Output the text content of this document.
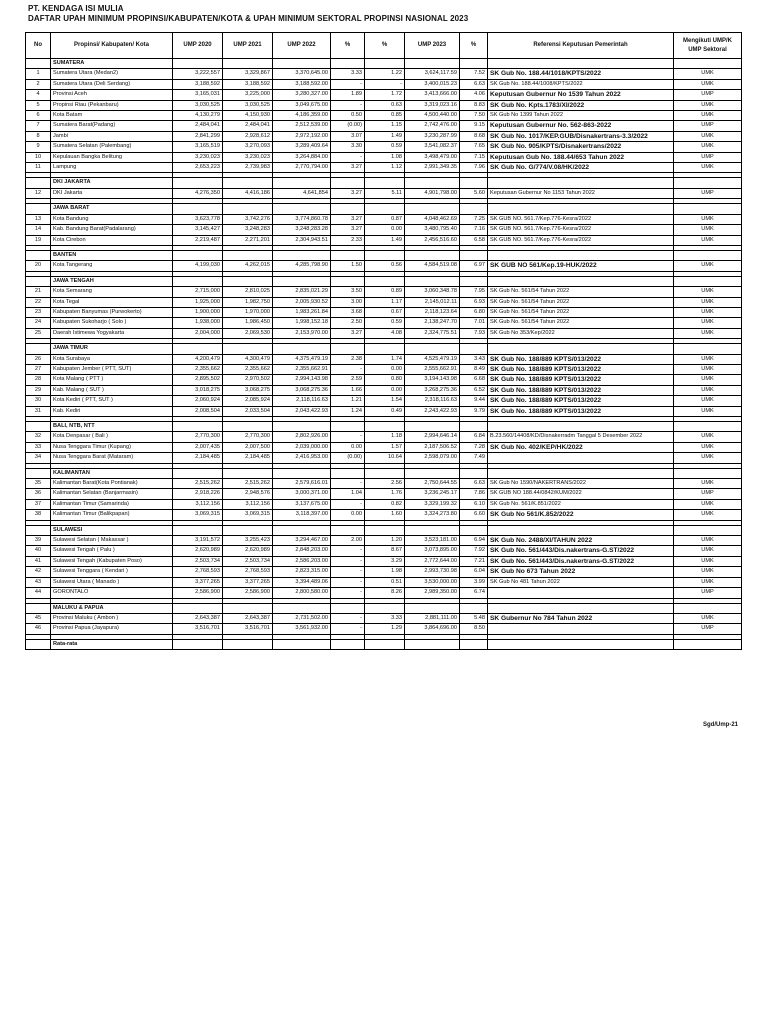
PT. KENDAGA ISI MULIA
DAFTAR UPAH MINIMUM PROPINSI/KABUPATEN/KOTA & UPAH MINIMUM SEKTORAL PROPINSI NASIONAL 2023
No	Propinsi/ Kabupaten/ Kota	UMP 2020	UMP 2021	UMP 2022	%	%	UMP 2023	%	Referensi Keputusan Pemerintah	Mengikuti UMP/K UMP Sektoral
	SUMATERA									
1	Sumatera Utara (Medan2)	3,222,557	3,329,867	3,370,645.00	3.33	1.22	3,624,117.59	7.52	SK Gub No. 188.44/1018/KPTS/2022	UMK
2	Sumatera Utara (Deli Serdang)	3,188,592	3,188,592	3,188,592.00	-	-	3,400,015.23	6.63	SK Gub No. 188.44/1008/KPTS/2022	UMK
4	Provinsi Aceh	3,165,031	3,225,000	3,280,327.00	1.89	1.72	3,413,666.00	4.06	Keputusan Gubernur No 1539 Tahun 2022	UMP
5	Propinsi Riau (Pekanbaru)	3,030,525	3,030,525	3,049,675.00	-	0.63	3,319,023.16	8.83	SK Gub No. Kpts.1783/XI/2022	UMK
6	Kota Batam	4,130,279	4,150,930	4,186,359.00	0.50	0.85	4,500,440.00	7.50	SK Gub No 1399 Tahun 2022	UMK
7	Sumatera Barat(Padang)	2,484,041	2,484,041	2,512,539.00	(0.00)	1.15	2,742,476.00	9.15	Keputusan Gubernur No. 562-863-2022	UMP
8	Jambi	2,841,299	2,928,612	2,972,192.00	3.07	1.49	3,230,287.99	8.68	SK Gub No. 1017/KEP.GUB/Disnakertrans-3.3/2022	UMK
9	Sumatera Selatan (Palembang)	3,165,519	3,270,093	3,289,409.64	3.30	0.59	3,541,082.37	7.65	SK Gub No. 905/KPTS/Disnakertrans/2022	UMK
10	Kepulauan Bangka Belitung	3,230,023	3,230,023	3,264,884.00	-	1.08	3,498,479.00	7.15	Keputusan Gub No. 188.44/653 Tahun 2022	UMP
11	Lampung	2,653,223	2,739,983	2,770,794.00	3.27	1.12	2,991,349.35	7.96	SK Gub No. G/774/V.08/HK/2022	UMK

	DKI JAKARTA									
12	DKI Jakarta	4,276,350	4,416,186	4,641,854	3.27	5.11	4,901,798.00	5.60	Keputusan Gubernur No 1153 Tahun 2022	UMP

	JAWA BARAT									
13	Kota Bandung	3,623,778	3,742,276	3,774,860.78	3.27	0.87	4,048,462.69	7.25	SK GUB NO. 561.7/Kep.776-Kesra/2022	UMK
14	Kab. Bandung Barat(Padalarang)	3,145,427	3,248,283	3,248,283.28	3.27	0.00	3,480,795.40	7.16	SK GUB NO. 561.7/Kep.776-Kesra/2022	UMK
19	Kota Cirebon	2,219,487	2,271,201	2,304,943.51	2.33	1.49	2,456,516.60	6.58	SK GUB NO. 561.7/Kep.776-Kesra/2022	UMK

	BANTEN									
20	Kota Tangerang	4,199,030	4,262,015	4,285,798.90	1.50	0.56	4,584,519.08	6.97	SK GUB NO 561/Kep.19-HUK/2022	UMK

	JAWA TENGAH									
21	Kota Semarang	2,715,000	2,810,025	2,835,021.29	3.50	0.89	3,060,348.78	7.95	SK Gub No. 561/54 Tahun 2022	UMK
22	Kota Tegal	1,925,000	1,982,750	2,005,930.52	3.00	1.17	2,145,012.11	6.93	SK Gub No. 561/54 Tahun 2022	UMK
23	Kabupaten Banyumas (Purwokerto)	1,900,000	1,970,000	1,983,261.84	3.68	0.67	2,118,123.64	6.80	SK Gub No. 561/54 Tahun 2022	UMK
24	Kabupaten Sukoharjo ( Solo )	1,938,000	1,986,450	1,998,152.18	2.50	0.59	2,138,247.70	7.01	SK Gub No. 561/54 Tahun 2022	UMK
25	Daerah Istimewa Yogyakarta	2,004,000	2,069,530	2,153,970.00	3.27	4.08	2,324,775.51	7.93	SK Gub No 353/Kep/2022	UMK

	JAWA TIMUR									
26	Kota Surabaya	4,200,479	4,300,479	4,375,479.19	2.38	1.74	4,525,479.19	3.43	SK Gub No. 188/889 KPTS/013/2022	UMK
27	Kabupaten Jember ( PTT, SUT)	2,355,662	2,355,662	2,355,662.91	-	0.00	2,555,662.91	8.49	SK Gub No. 188/889 KPTS/013/2022	UMK
28	Kota Malang ( PTT )	2,895,502	2,970,502	2,994,143.98	2.59	0.80	3,194,143.98	6.68	SK Gub No. 188/889 KPTS/013/2022	UMK
29	Kab. Malang ( SUT )	3,018,275	3,068,275	3,068,275.36	1.66	0.00	3,268,275.36	6.52	SK Gub No. 188/889 KPTS/013/2022	UMK
30	Kota Kediri ( PTT, SUT )	2,060,924	2,085,924	2,118,116.63	1.21	1.54	2,318,116.63	9.44	SK Gub No. 188/889 KPTS/013/2022	UMK
31	Kab. Kediri	2,008,504	2,033,504	2,043,422.93	1.24	0.49	2,243,422.93	9.79	SK Gub No. 188/889 KPTS/013/2022	UMK

	BALI, NTB, NTT									
32	Kota Denpasar ( Bali )	2,770,300	2,770,300	2,802,926.00	-	1.18	2,994,646.14	6.84	B.23.560/14408/KD/Disnakerradm Tanggal 5 Desember 2022	UMK
33	Nusa Tenggara Timur (Kupang)	2,007,435	2,007,500	2,039,000.00	0.00	1.57	2,187,506.52	7.28	SK Gub No. 402/KEP/HK/2022	UMK
34	Nusa Tenggara Barat (Mataram)	2,184,485	2,184,485	2,416,953.00	(0.00)	10.64	2,598,079.00	7.49		UMK

	KALIMANTAN									
35	Kalimantan Barat(Kota Pontianak)	2,515,262	2,515,262	2,579,616.01	-	2.56	2,750,644.55	6.63	SK Gub No 1590/NAKERTRANS/2022	UMK
36	Kalimantan Selatan (Banjarmasin)	2,918,226	2,948,576	3,000,371.00	1.04	1.76	3,236,245.17	7.86	SK GUB NO 188.44/0842/KUM/2022	UMP
37	Kalimantan Timur (Samarinda)	3,112,156	3,112,156	3,137,675.00	-	0.82	3,329,199.32	6.10	SK Gub No. 561/K.851/2022	UMK
38	Kalimantan Timur (Balikpapan)	3,069,315	3,069,315	3,118,397.00	0.00	1.60	3,324,273.80	6.60	SK Gub No 561/K.852/2022	UMK

	SULAWESI									
39	Sulawesi Selatan ( Makassar )	3,191,572	3,255,423	3,294,467.00	2.00	1.20	3,523,181.00	6.94	SK Gub No. 2488/XI/TAHUN 2022	UMK
40	Sulawesi Tengah ( Palu )	2,620,989	2,620,989	2,848,203.00	-	8.67	3,073,895.00	7.92	SK Gub No. 561/443/Dis.nakertrans-G.ST/2022	UMK
41	Sulawesi Tengah (Kabupaten Poso)	2,503,734	2,503,734	2,586,203.00	-	3.29	2,772,644.00	7.21	SK Gub No. 561/443/Dis.nakertrans-G.ST/2022	UMK
42	Sulawesi Tenggara ( Kendari )	2,768,593	2,768,593	2,823,315.00	-	1.98	2,993,730.98	6.04	SK Gub No 673 Tahun 2022	UMK
43	Sulawesi Utara ( Manado )	3,377,265	3,377,265	3,394,489.06	-	0.51	3,530,000.00	3.99	SK Gub No 481 Tahun 2022	UMK
44	GORONTALO	2,586,900	2,586,900	2,800,580.00	-	8.26	2,989,350.00	6.74		UMP

	MALUKU & PAPUA									
45	Provinsi Maluku ( Ambon )	2,643,387	2,643,387	2,731,502.00	-	3.33	2,881,111.00	5.48	SK Gubernur No 784 Tahun 2022	UMK
46	Provinsi Papua (Jayapura)	3,516,701	3,516,701	3,561,932.00	-	1.29	3,864,696.00	8.50		UMP

	Rata-rata									
Sgd/Ump-21
